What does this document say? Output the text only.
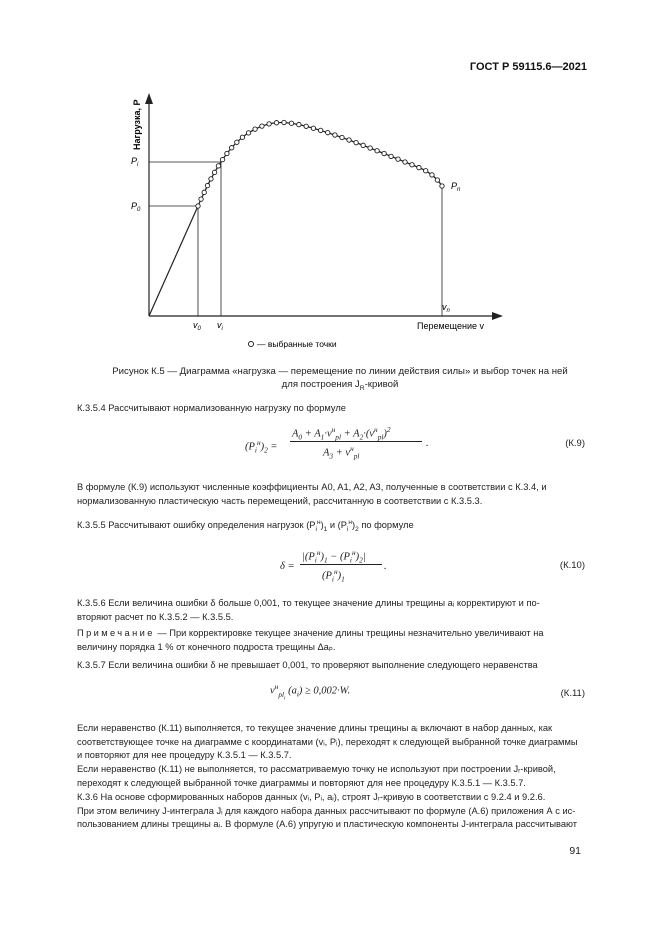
ГОСТ Р 59115.6—2021
Нагрузка, P
$P_i$
$P_0$
$P_n$
$v_0$ $v_i$
$v_n$
Перемещение v
— выбранные точки
Рисунок К.5 — Диаграмма «нагрузка — перемещение по линии действия силы» и выбор точек на ней
для построения $J_R$-кривой
К.3.5.4 Рассчитывают нормализованную нагрузку по формуле
$(P_i^н)_2$ =
$A_0 + A_1\cdot v^н_{pl} + A_2\cdot(v^н_{pl})^2$
$A_3 + v^н_{pl}$
.	(К.9)
В формуле (К.9) используют численные коэффициенты A0, A1, A2, A3, полученные в соответствии с К.3.4, и
нормализованную пластическую часть перемещений, рассчитанную в соответствии с К.3.5.3.
К.3.5.5 Рассчитывают ошибку определения нагрузок $(P_i^н)_1$ и $(P_i^н)_2$ по формуле
δ =
$|(P_i^н)_1 - (P_i^н)_2|$
$(P_i^н)_1$
.	(К.10)
К.3.5.6 Если величина ошибки δ больше 0,001, то текущее значение длины трещины aᵢ корректируют и по-
вторяют расчет по К.3.5.2 — К.3.5.5.
Примечание — При корректировке текущее значение длины трещины незначительно увеличивают на
величину порядка 1 % от конечного подроста трещины Δaₚ.
К.3.5.7 Если величина ошибки δ не превышает 0,001, то проверяют выполнение следующего неравенства
$v^н_{pl_i}$ $(a_i) \ge 0,002\cdot W$.	(К.11)
Если неравенство (К.11) выполняется, то текущее значение длины трещины aᵢ включают в набор данных, как
соответствующее точке на диаграмме с координатами (vᵢ, Pᵢ), переходят к следующей выбранной точке диаграммы
и повторяют для нее процедуру К.3.5.1 — К.3.5.7.
Если неравенство (К.11) не выполняется, то рассматриваемую точку не используют при построении Jᵣ-кривой,
переходят к следующей выбранной точке диаграммы и повторяют для нее процедуру К.3.5.1 — К.3.5.7.
К.3.6 На основе сформированных наборов данных (vᵢ, Pᵢ, aᵢ), строят Jᵣ-кривую в соответствии с 9.2.4 и 9.2.6.
При этом величину J-интеграла Jᵢ для каждого набора данных рассчитывают по формуле (А.6) приложения А с ис-
пользованием длины трещины aᵢ. В формуле (А.6) упругую и пластическую компоненты J-интеграла рассчитывают
91
